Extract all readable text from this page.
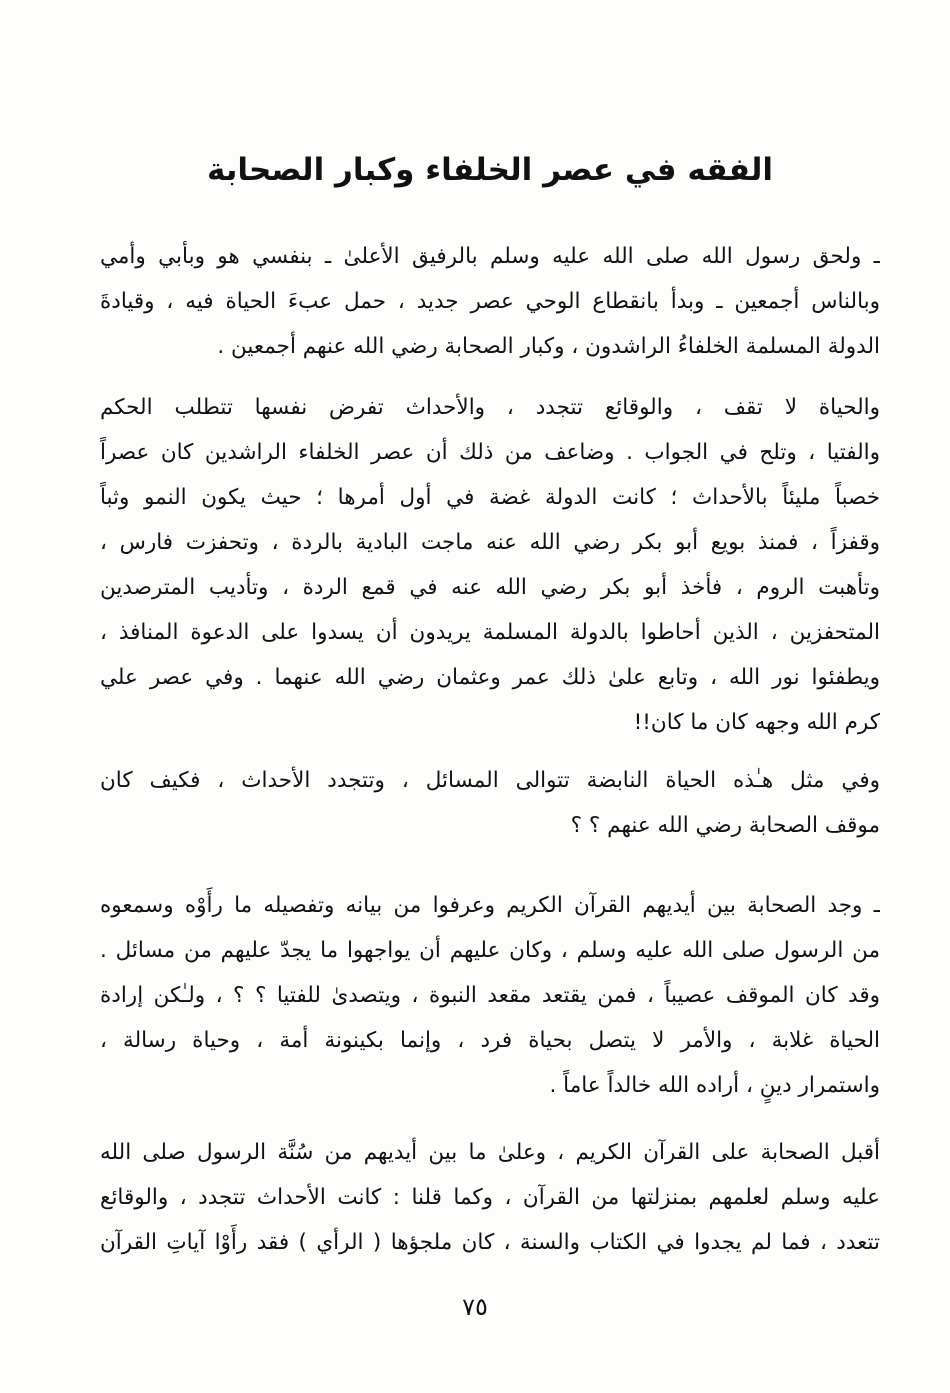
الفقه في عصر الخلفاء وكبار الصحابة
ـ ولحق رسول الله صلى الله عليه وسلم بالرفيق الأعلىٰ ـ بنفسي هو وبأبي وأمي
وبالناس أجمعين ـ وبدأ بانقطاع الوحي عصر جديد ، حمل عبءَ الحياة فيه ، وقيادةَ
الدولة المسلمة الخلفاءُ الراشدون ، وكبار الصحابة رضي الله عنهم أجمعين .
والحياة لا تقف ، والوقائع تتجدد ، والأحداث تفرض نفسها تتطلب الحكم
والفتيا ، وتلح في الجواب . وضاعف من ذلك أن عصر الخلفاء الراشدين كان عصراً
خصباً مليئاً بالأحداث ؛ كانت الدولة غضة في أول أمرها ؛ حيث يكون النمو وثباً
وقفزاً ، فمنذ بويع أبو بكر رضي الله عنه ماجت البادية بالردة ، وتحفزت فارس ،
وتأهبت الروم ، فأخذ أبو بكر رضي الله عنه في قمع الردة ، وتأديب المترصدين
المتحفزين ، الذين أحاطوا بالدولة المسلمة يريدون أن يسدوا على الدعوة المنافذ ،
ويطفئوا نور الله ، وتابع علىٰ ذلك عمر وعثمان رضي الله عنهما . وفي عصر علي
كرم الله وجهه كان ما كان!!
وفي مثل هـٰذه الحياة النابضة تتوالى المسائل ، وتتجدد الأحداث ، فكيف كان
موقف الصحابة رضي الله عنهم ؟ ؟
ـ وجد الصحابة بين أيديهم القرآن الكريم وعرفوا من بيانه وتفصيله ما رأَوْه وسمعوه
من الرسول صلى الله عليه وسلم ، وكان عليهم أن يواجهوا ما يجدّ عليهم من مسائل .
وقد كان الموقف عصيباً ، فمن يقتعد مقعد النبوة ، ويتصدىٰ للفتيا ؟ ؟ ، ولـٰكن إرادة
الحياة غلابة ، والأمر لا يتصل بحياة فرد ، وإنما بكينونة أمة ، وحياة رسالة ،
واستمرار دينٍ ، أراده الله خالداً عاماً .
أقبل الصحابة على القرآن الكريم ، وعلىٰ ما بين أيديهم من سُنَّة الرسول صلى الله
عليه وسلم لعلمهم بمنزلتها من القرآن ، وكما قلنا : كانت الأحداث تتجدد ، والوقائع
تتعدد ، فما لم يجدوا في الكتاب والسنة ، كان ملجؤها ( الرأي ) فقد رأَوْا آياتِ القرآن
٧٥
